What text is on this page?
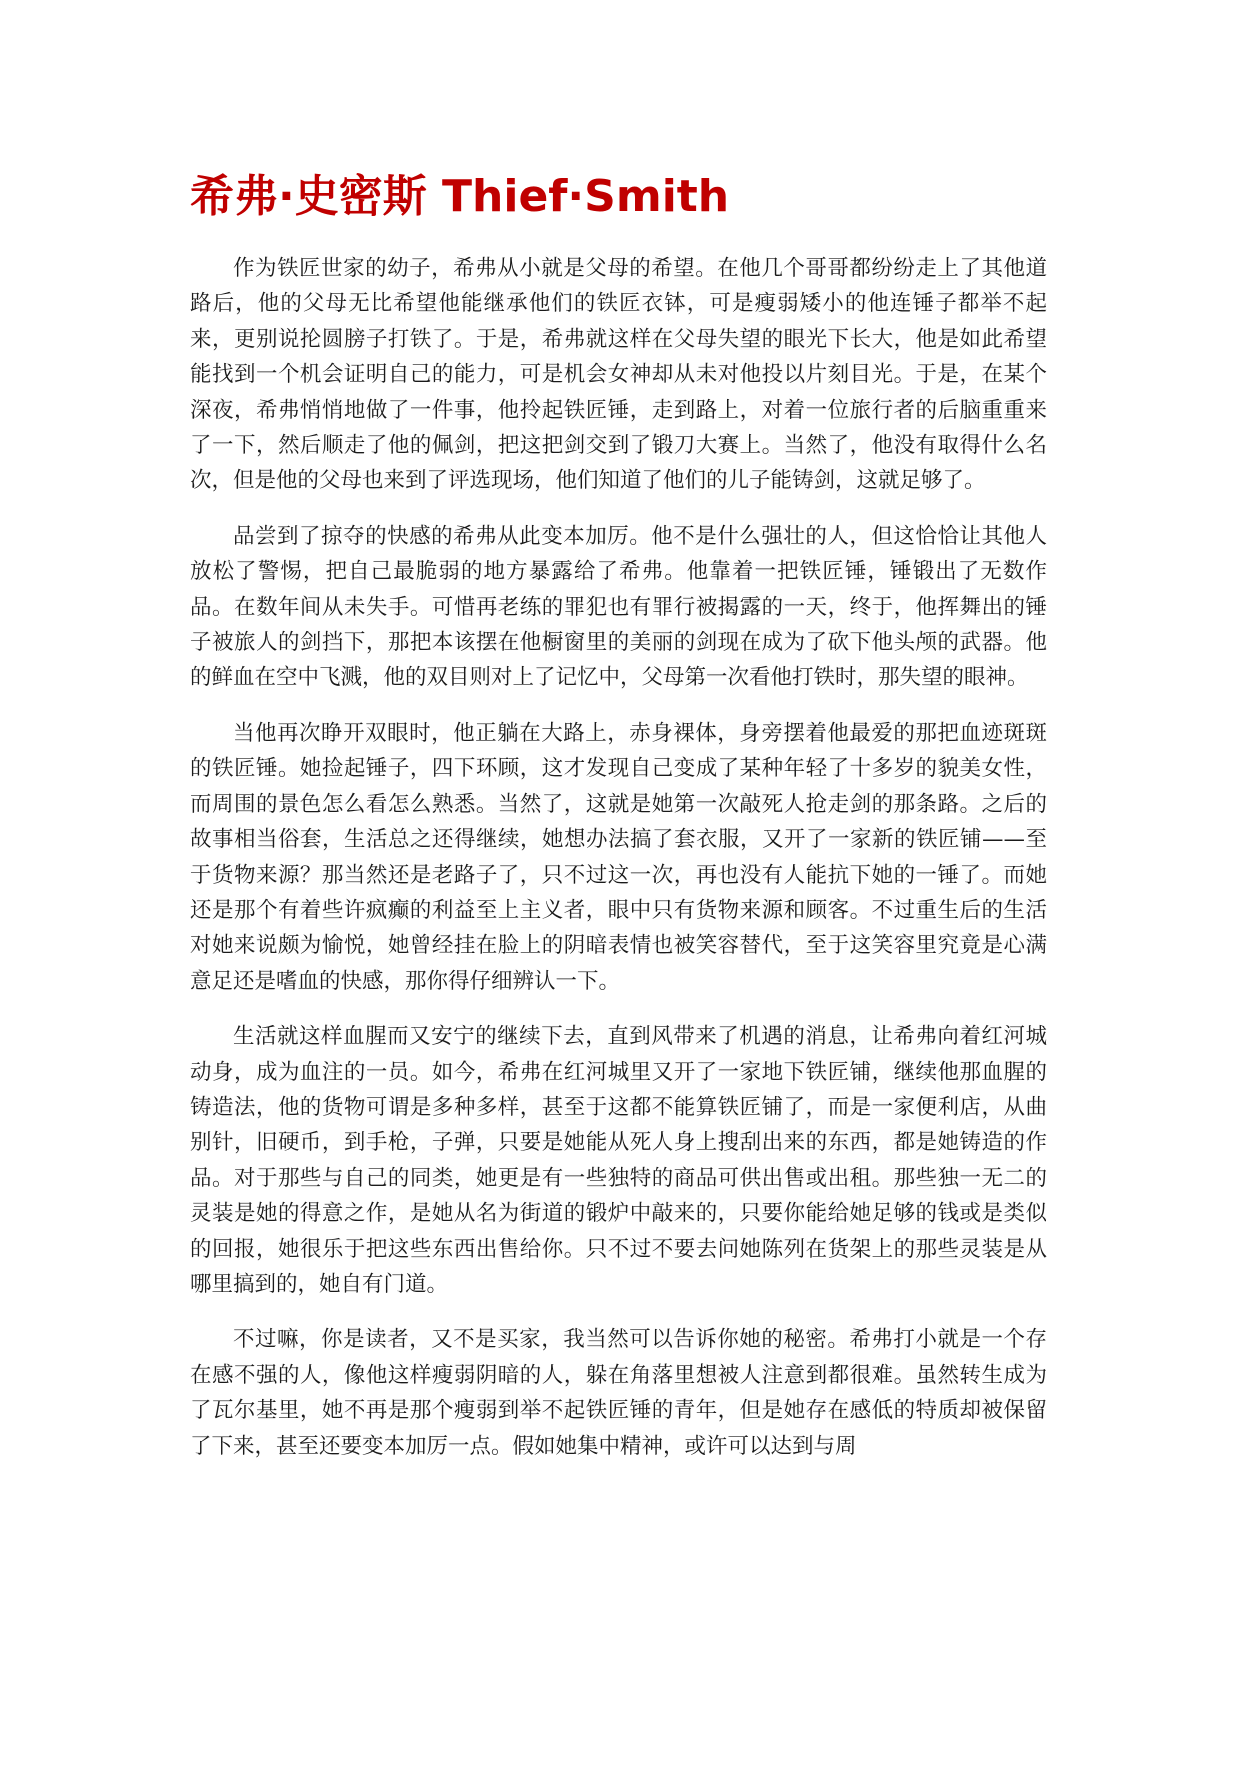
希弗·史密斯 Thief·Smith

作为铁匠世家的幼子，希弗从小就是父母的希望。在他几个哥哥都纷纷走上了其他道路后，他的父母无比希望他能继承他们的铁匠衣钵，可是瘦弱矮小的他连锤子都举不起来，更别说抡圆膀子打铁了。于是，希弗就这样在父母失望的眼光下长大，他是如此希望能找到一个机会证明自己的能力，可是机会女神却从未对他投以片刻目光。于是，在某个深夜，希弗悄悄地做了一件事，他拎起铁匠锤，走到路上，对着一位旅行者的后脑重重来了一下，然后顺走了他的佩剑，把这把剑交到了锻刀大赛上。当然了，他没有取得什么名次，但是他的父母也来到了评选现场，他们知道了他们的儿子能铸剑，这就足够了。

品尝到了掠夺的快感的希弗从此变本加厉。他不是什么强壮的人，但这恰恰让其他人放松了警惕，把自己最脆弱的地方暴露给了希弗。他靠着一把铁匠锤，锤锻出了无数作品。在数年间从未失手。可惜再老练的罪犯也有罪行被揭露的一天，终于，他挥舞出的锤子被旅人的剑挡下，那把本该摆在他橱窗里的美丽的剑现在成为了砍下他头颅的武器。他的鲜血在空中飞溅，他的双目则对上了记忆中，父母第一次看他打铁时，那失望的眼神。

当他再次睁开双眼时，他正躺在大路上，赤身裸体，身旁摆着他最爱的那把血迹斑斑的铁匠锤。她捡起锤子，四下环顾，这才发现自己变成了某种年轻了十多岁的貌美女性，而周围的景色怎么看怎么熟悉。当然了，这就是她第一次敲死人抢走剑的那条路。之后的故事相当俗套，生活总之还得继续，她想办法搞了套衣服，又开了一家新的铁匠铺——至于货物来源？那当然还是老路子了，只不过这一次，再也没有人能抗下她的一锤了。而她还是那个有着些许疯癫的利益至上主义者，眼中只有货物来源和顾客。不过重生后的生活对她来说颇为愉悦，她曾经挂在脸上的阴暗表情也被笑容替代，至于这笑容里究竟是心满意足还是嗜血的快感，那你得仔细辨认一下。

生活就这样血腥而又安宁的继续下去，直到风带来了机遇的消息，让希弗向着红河城动身，成为血注的一员。如今，希弗在红河城里又开了一家地下铁匠铺，继续他那血腥的铸造法，他的货物可谓是多种多样，甚至于这都不能算铁匠铺了，而是一家便利店，从曲别针，旧硬币，到手枪，子弹，只要是她能从死人身上搜刮出来的东西，都是她铸造的作品。对于那些与自己的同类，她更是有一些独特的商品可供出售或出租。那些独一无二的灵装是她的得意之作，是她从名为街道的锻炉中敲来的，只要你能给她足够的钱或是类似的回报，她很乐于把这些东西出售给你。只不过不要去问她陈列在货架上的那些灵装是从哪里搞到的，她自有门道。

不过嘛，你是读者，又不是买家，我当然可以告诉你她的秘密。希弗打小就是一个存在感不强的人，像他这样瘦弱阴暗的人，躲在角落里想被人注意到都很难。虽然转生成为了瓦尔基里，她不再是那个瘦弱到举不起铁匠锤的青年，但是她存在感低的特质却被保留了下来，甚至还要变本加厉一点。假如她集中精神，或许可以达到与周
